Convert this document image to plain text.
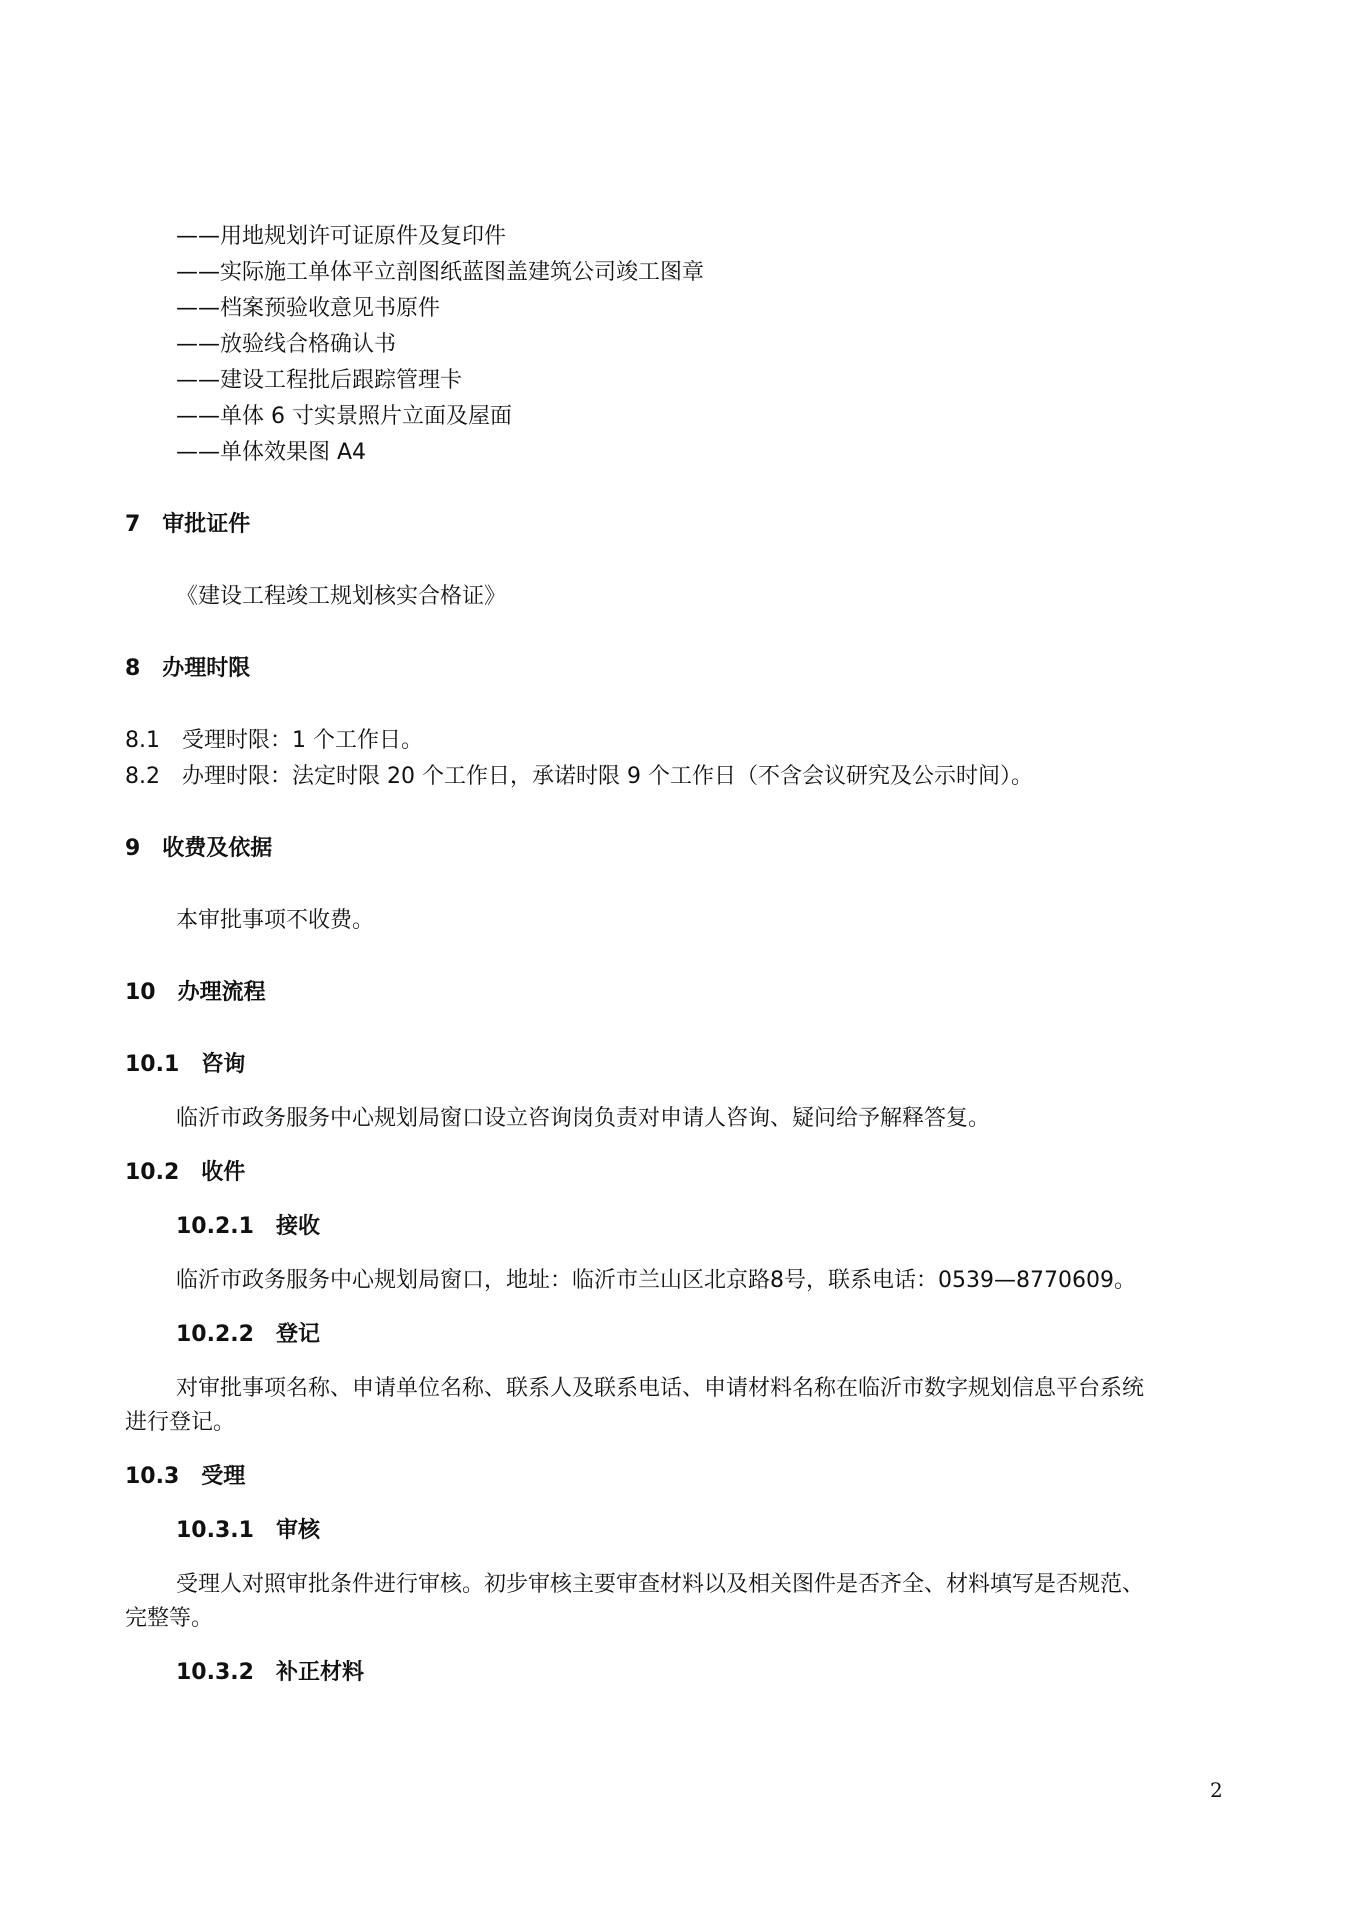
——用地规划许可证原件及复印件
——实际施工单体平立剖图纸蓝图盖建筑公司竣工图章
——档案预验收意见书原件
——放验线合格确认书
——建设工程批后跟踪管理卡
——单体 6 寸实景照片立面及屋面
——单体效果图 A4
7　审批证件
《建设工程竣工规划核实合格证》
8　办理时限
8.1　受理时限：1 个工作日。
8.2　办理时限：法定时限 20 个工作日，承诺时限 9 个工作日（不含会议研究及公示时间）。
9　收费及依据
本审批事项不收费。
10　办理流程
10.1　咨询
临沂市政务服务中心规划局窗口设立咨询岗负责对申请人咨询、疑问给予解释答复。
10.2　收件
10.2.1　接收
临沂市政务服务中心规划局窗口，地址：临沂市兰山区北京路8号，联系电话：0539—8770609。
10.2.2　登记
对审批事项名称、申请单位名称、联系人及联系电话、申请材料名称在临沂市数字规划信息平台系统
进行登记。
10.3　受理
10.3.1　审核
受理人对照审批条件进行审核。初步审核主要审查材料以及相关图件是否齐全、材料填写是否规范、
完整等。
10.3.2　补正材料
2
